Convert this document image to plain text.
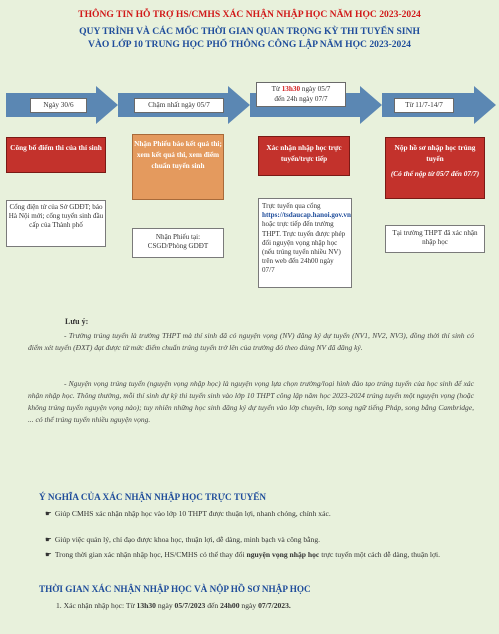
THÔNG TIN HỖ TRỢ HS/CMHS XÁC NHẬN NHẬP HỌC NĂM HỌC 2023-2024
QUY TRÌNH VÀ CÁC MỐC THỜI GIAN QUAN TRỌNG KỲ THI TUYỂN SINH
VÀO LỚP 10 TRUNG HỌC PHỔ THÔNG CÔNG LẬP NĂM HỌC 2023-2024
Ngày 30/6	Chậm nhất ngày 05/7
Từ 13h30 ngày 05/7
đến 24h ngày 07/7
Từ 11/7-14/7
Công bố điểm thi của thí sinh
Cổng điện tử của Sở GDĐT; báo Hà Nội mới; cổng tuyển sinh đầu cấp của Thành phố
Nhận Phiếu báo kết quả thi; xem kết quả thi, xem điểm chuẩn tuyển sinh
Nhận Phiếu tại:
CSGD/Phòng GDĐT
Xác nhận nhập học trực tuyến/trực tiếp
Trực tuyến qua cổng
https://tsdaucap.hanoi.gov.vn
hoặc trực tiếp đến trường THPT. Trực tuyến được phép đổi nguyện vọng nhập học (nếu trúng tuyển nhiều NV) trên web đến 24h00 ngày 07/7
Nộp hồ sơ nhập học trúng tuyển
(Có thể nộp từ 05/7 đến 07/7)
Tại trường THPT đã xác nhận nhập học
Lưu ý:
- Trường trúng tuyển là trường THPT mà thí sinh đã có nguyện vọng (NV) đăng ký dự tuyển (NV1, NV2, NV3), đồng thời thí sinh có điểm xét tuyển (ĐXT) đạt được từ mức điểm chuẩn trúng tuyển trở lên của trường đó theo đúng NV đã đăng ký.
- Nguyện vọng trúng tuyển (nguyện vọng nhập học) là nguyện vọng lựa chọn trường/loại hình đào tạo trúng tuyển của học sinh để xác nhận nhập học. Thông thường, mỗi thí sinh dự kỳ thi tuyển sinh vào lớp 10 THPT công lập năm học 2023-2024 trúng tuyển một nguyện vọng (hoặc không trúng tuyển nguyện vọng nào); tuy nhiên những học sinh đăng ký dự tuyển vào lớp chuyên, lớp song ngữ tiếng Pháp, song bằng Cambridge, ... có thể trúng tuyển nhiều nguyện vọng.
Ý NGHĨA CỦA XÁC NHẬN NHẬP HỌC TRỰC TUYẾN
☛ Giúp CMHS xác nhận nhập học vào lớp 10 THPT được thuận lợi, nhanh chóng, chính xác.
☛ Giúp việc quản lý, chỉ đạo được khoa học, thuận lợi, dễ dàng, minh bạch và công bằng.
☛ Trong thời gian xác nhận nhập học, HS/CMHS có thể thay đổi nguyện vọng nhập học trực tuyến một cách dễ dàng, thuận lợi.
THỜI GIAN XÁC NHẬN NHẬP HỌC VÀ NỘP HỒ SƠ NHẬP HỌC
1. Xác nhận nhập học: Từ 13h30 ngày 05/7/2023 đến 24h00 ngày 07/7/2023.
